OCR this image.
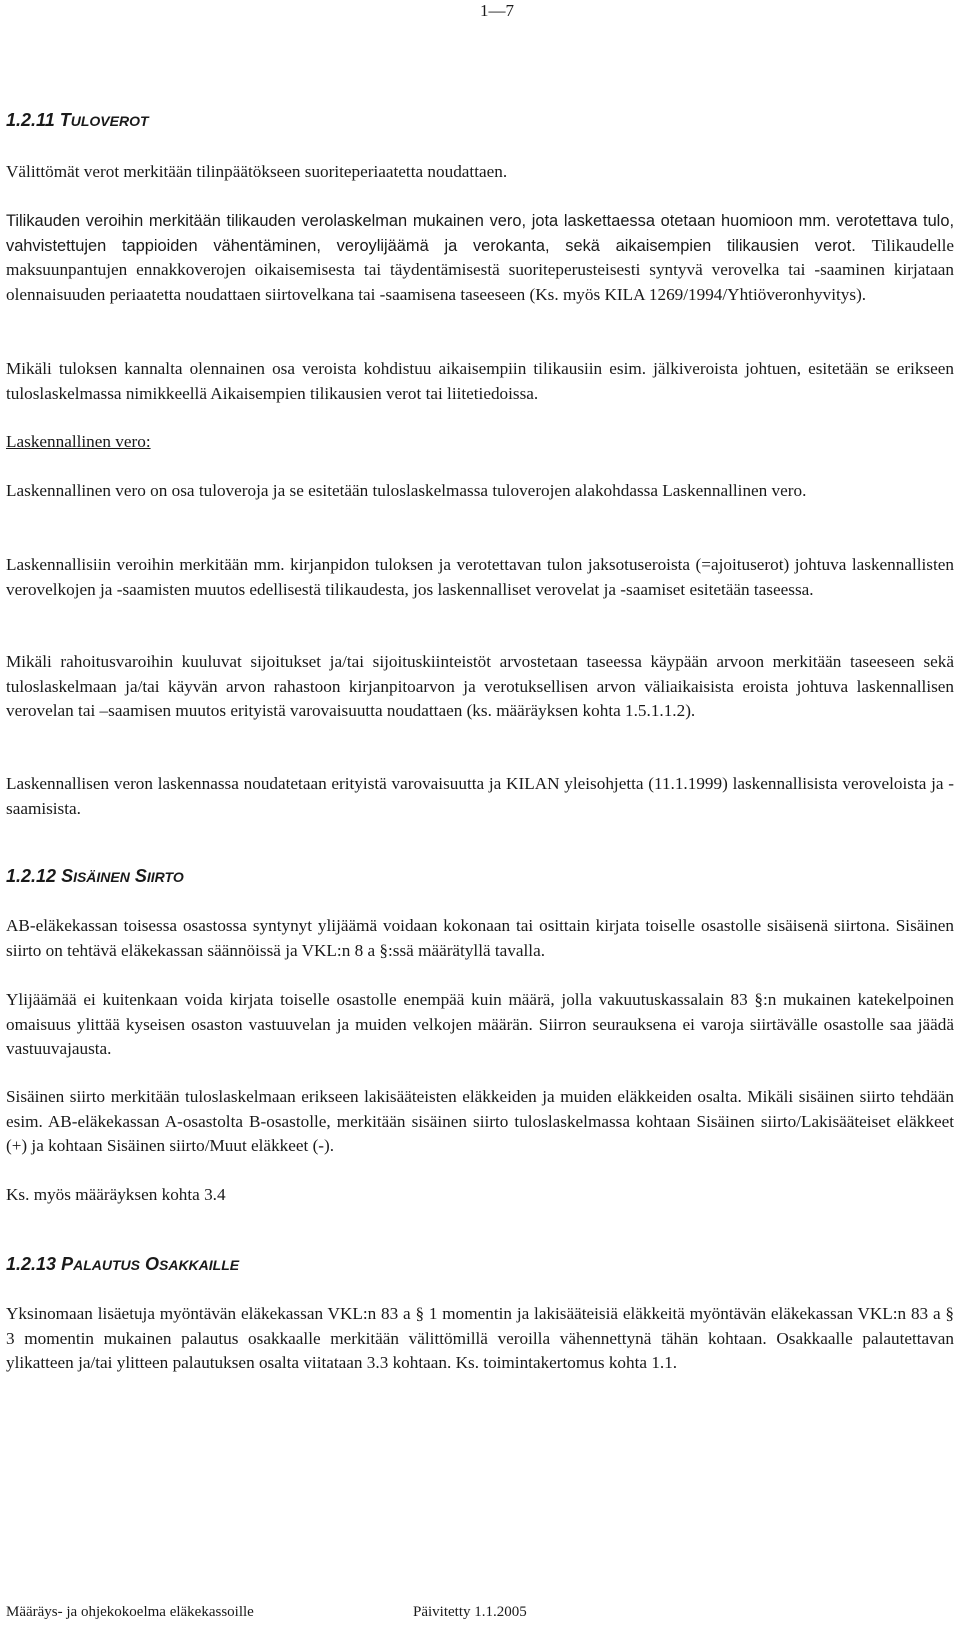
1—7
1.2.11 TULOVEROT

Välittömät verot merkitään tilinpäätökseen suoriteperiaatetta noudattaen.

Tilikauden veroihin merkitään tilikauden verolaskelman mukainen vero, jota laskettaessa otetaan huomioon mm. verotettava tulo, vahvistettujen tappioiden vähentäminen, veroylijäämä ja verokanta, sekä aikaisempien tilikausien verot. Tilikaudelle maksuunpantujen ennakkoverojen oikaisemisesta tai täydentämisestä suoriteperusteisesti syntyvä verovelka tai -saaminen kirjataan olennaisuuden periaatetta noudattaen siirtovelkana tai -saamisena taseeseen (Ks. myös KILA 1269/1994/Yhtiöveronhyvitys).

Mikäli tuloksen kannalta olennainen osa veroista kohdistuu aikaisempiin tilikausiin esim. jälkiveroista johtuen, esitetään se erikseen tuloslaskelmassa nimikkeellä Aikaisempien tilikausien verot tai liitetiedoissa.

Laskennallinen vero:

Laskennallinen vero on osa tuloveroja ja se esitetään tuloslaskelmassa tuloverojen alakohdassa Laskennallinen vero.

Laskennallisiin veroihin merkitään mm. kirjanpidon tuloksen ja verotettavan tulon jaksotuseroista (=ajoituserot) johtuva laskennallisten verovelkojen ja -saamisten muutos edellisestä tilikaudesta, jos laskennalliset verovelat ja -saamiset esitetään taseessa.

Mikäli rahoitusvaroihin kuuluvat sijoitukset ja/tai sijoituskiinteistöt arvostetaan taseessa käypään arvoon merkitään taseeseen sekä tuloslaskelmaan ja/tai käyvän arvon rahastoon kirjanpitoarvon ja verotuksellisen arvon väliaikaisista eroista johtuva laskennallisen verovelan tai –saamisen muutos erityistä varovaisuutta noudattaen (ks. määräyksen kohta 1.5.1.1.2).

Laskennallisen veron laskennassa noudatetaan erityistä varovaisuutta ja KILAN yleisohjetta (11.1.1999) laskennallisista veroveloista ja -saamisista.

1.2.12 SISÄINEN SIIRTO

AB-eläkekassan toisessa osastossa syntynyt ylijäämä voidaan kokonaan tai osittain kirjata toiselle osastolle sisäisenä siirtona. Sisäinen siirto on tehtävä eläkekassan säännöissä ja VKL:n 8 a §:ssä määrätyllä tavalla.

Ylijäämää ei kuitenkaan voida kirjata toiselle osastolle enempää kuin määrä, jolla vakuutuskassalain 83 §:n mukainen katekelpoinen omaisuus ylittää kyseisen osaston vastuuvelan ja muiden velkojen määrän. Siirron seurauksena ei varoja siirtävälle osastolle saa jäädä vastuuvajausta.

Sisäinen siirto merkitään tuloslaskelmaan erikseen lakisääteisten eläkkeiden ja muiden eläkkeiden osalta. Mikäli sisäinen siirto tehdään esim. AB-eläkekassan A-osastolta B-osastolle, merkitään sisäinen siirto tuloslaskelmassa kohtaan Sisäinen siirto/Lakisääteiset eläkkeet (+) ja kohtaan Sisäinen siirto/Muut eläkkeet (-).

Ks. myös määräyksen kohta 3.4

1.2.13 PALAUTUS OSAKKAILLE

Yksinomaan lisäetuja myöntävän eläkekassan VKL:n 83 a § 1 momentin ja lakisääteisiä eläkkeitä myöntävän eläkekassan VKL:n 83 a § 3 momentin mukainen palautus osakkaalle merkitään välittömillä veroilla vähennettynä tähän kohtaan. Osakkaalle palautettavan ylikatteen ja/tai ylitteen palautuksen osalta viitataan 3.3 kohtaan. Ks. toimintakertomus kohta 1.1.

Määräys- ja ohjekokoelma eläkekassoille	Päivitetty 1.1.2005
